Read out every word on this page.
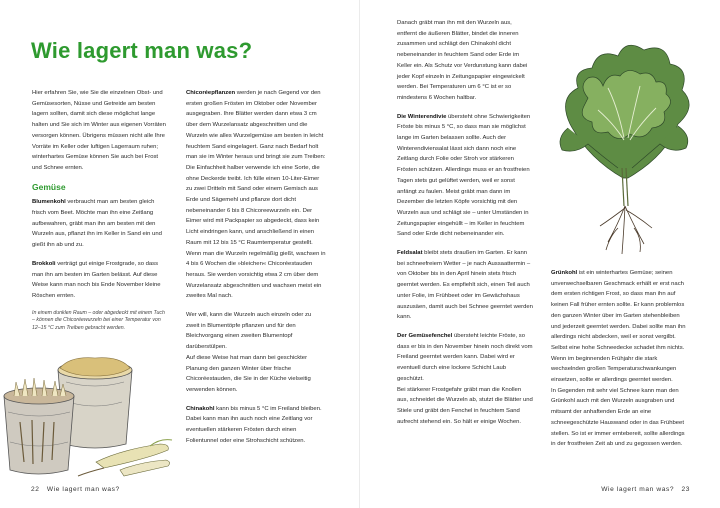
Wie lagert man was?

Hier erfahren Sie, wie Sie die einzelnen Obst- und Gemüsesorten, Nüsse und Getreide am besten lagern sollten, damit sich diese möglichst lange halten und Sie sich im Winter aus eigenen Vorräten versorgen können. Übrigens müssen nicht alle Ihre Vorräte im Keller oder luftigen Lagerraum ruhen; winterhartes Gemüse können Sie auch bei Frost und Schnee ernten.

Gemüse

Blumenkohl verbraucht man am besten gleich frisch vom Beet. Möchte man ihn eine Zeitlang aufbewahren, gräbt man ihn am besten mit den Wurzeln aus, pflanzt ihn im Keller in Sand ein und gießt ihn ab und zu.

Brokkoli verträgt gut einige Frostgrade, so dass man ihn am besten im Garten belässt. Auf diese Weise kann man noch bis Ende November kleine Röschen ernten.

In einem dunklen Raum – oder abgedeckt mit einem Tuch – können die Chicoréewurzeln bei einer Temperatur von 12–15 °C zum Treiben gebracht werden.

Chicoréepflanzen werden je nach Gegend vor den ersten großen Frösten im Oktober oder November ausgegraben. Ihre Blätter werden dann etwa 3 cm über dem Wurzelansatz abgeschnitten und die Wurzeln wie alles Wurzelgemüse am besten in leicht feuchtem Sand eingelagert. Ganz nach Bedarf holt man sie im Winter heraus und bringt sie zum Treiben: Die Einfachheit halber verwende ich eine Sorte, die ohne Deckerde treibt. Ich fülle einen 10-Liter-Eimer zu zwei Dritteln mit Sand oder einem Gemisch aus Erde und Sägemehl und pflanze dort dicht nebeneinander 6 bis 8 Chicoreewurzeln ein. Der Eimer wird mit Packpapier so abgedeckt, dass kein Licht eindringen kann, und anschließend in einen Raum mit 12 bis 15 °C Raumtemperatur gestellt. Wenn man die Wurzeln regelmäßig gießt, wachsen in 4 bis 6 Wochen die »bleichen« Chicoréestauden heraus. Sie werden vorsichtig etwa 2 cm über dem Wurzelansatz abgeschnitten und wachsen meist ein zweites Mal nach.

Wer will, kann die Wurzeln auch einzeln oder zu zweit in Blumentöpfe pflanzen und für den Bleichvorgang einen zweiten Blumentopf darüberstülpen.

Auf diese Weise hat man dann bei geschickter Planung den ganzen Winter über frische Chicoréestauden, die Sie in der Küche vielseitig verwenden können.

Chinakohl kann bis minus 5 °C im Freiland bleiben. Dabei kann man ihn auch noch eine Zeitlang vor eventuellen stärkeren Frösten durch einen Folientunnel oder eine Strohschicht schützen.

22 Wie lagert man was?

Danach gräbt man ihn mit den Wurzeln aus, entfernt die äußeren Blätter, bindet die inneren zusammen und schlägt den Chinakohl dicht nebeneinander in feuchtem Sand oder Erde im Keller ein. Als Schutz vor Verdunstung kann dabei jeder Kopf einzeln in Zeitungspapier eingewickelt werden. Bei Temperaturen um 6 °C ist er so mindestens 6 Wochen haltbar.

Die Winterendivie übersteht ohne Schwierigkeiten Fröste bis minus 5 °C, so dass man sie möglichst lange im Garten belassen sollte. Auch der Winterendiviensalat lässt sich dann noch eine Zeitlang durch Folie oder Stroh vor stärkeren Frösten schützen. Allerdings muss er an frostfreien Tagen stets gut gelüftet werden, weil er sonst anfängt zu faulen. Meist gräbt man dann im Dezember die letzten Köpfe vorsichtig mit den Wurzeln aus und schlägt sie – unter Umständen in Zeitungspapier eingehüllt – im Keller in feuchtem Sand oder Erde dicht nebeneinander ein.

Feldsalat bleibt stets draußen im Garten. Er kann bei schneefreiem Wetter – je nach Aussaattermin – von Oktober bis in den April hinein stets frisch geerntet werden. Es empfiehlt sich, einen Teil auch unter Folie, im Frühbeet oder im Gewächshaus auszusäen, damit auch bei Schnee geerntet werden kann.

Der Gemüsefenchel übersteht leichte Fröste, so dass er bis in den November hinein noch direkt vom Freiland geerntet werden kann. Dabei wird er eventuell durch eine lockere Schicht Laub geschützt.

Bei stärkerer Frostgefahr gräbt man die Knollen aus, schneidet die Wurzeln ab, stutzt die Blätter und Stiele und gräbt den Fenchel in feuchtem Sand aufrecht stehend ein. So hält er einige Wochen.

Grünkohl ist ein winterhartes Gemüse; seinen unverwechselbaren Geschmack erhält er erst nach dem ersten richtigen Frost, so dass man ihn auf keinen Fall früher ernten sollte. Er kann problemlos den ganzen Winter über im Garten stehenbleiben und jederzeit geerntet werden. Dabei sollte man ihn allerdings nicht abdecken, weil er sonst vergilbt. Selbst eine hohe Schneedecke schadet ihm nichts. Wenn im beginnenden Frühjahr die stark wechselnden großen Temperaturschwankungen einsetzen, sollte er allerdings geerntet werden.

In Gegenden mit sehr viel Schnee kann man den Grünkohl auch mit den Wurzeln ausgraben und mitsamt der anhaftenden Erde an eine schneegeschützte Hauswand oder in das Frühbeet stellen. So ist er immer erntebereit, sollte allerdings in der frostfreien Zeit ab und zu gegossen werden.

Wie lagert man was? 23
